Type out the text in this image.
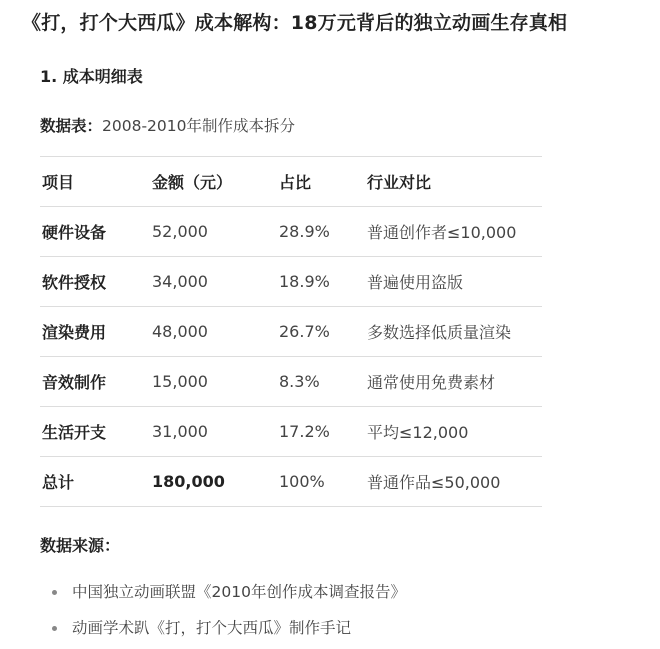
《打，打个大西瓜》成本解构：18万元背后的独立动画生存真相
1. 成本明细表
数据表：2008-2010年制作成本拆分
项目	金额（元）	占比	行业对比
硬件设备	52,000	28.9%	普通创作者≤10,000
软件授权	34,000	18.9%	普遍使用盗版
渲染费用	48,000	26.7%	多数选择低质量渲染
音效制作	15,000	8.3%	通常使用免费素材
生活开支	31,000	17.2%	平均≤12,000
总计	180,000	100%	普通作品≤50,000
数据来源：
中国独立动画联盟《2010年创作成本调查报告》
动画学术趴《打，打个大西瓜》制作手记
